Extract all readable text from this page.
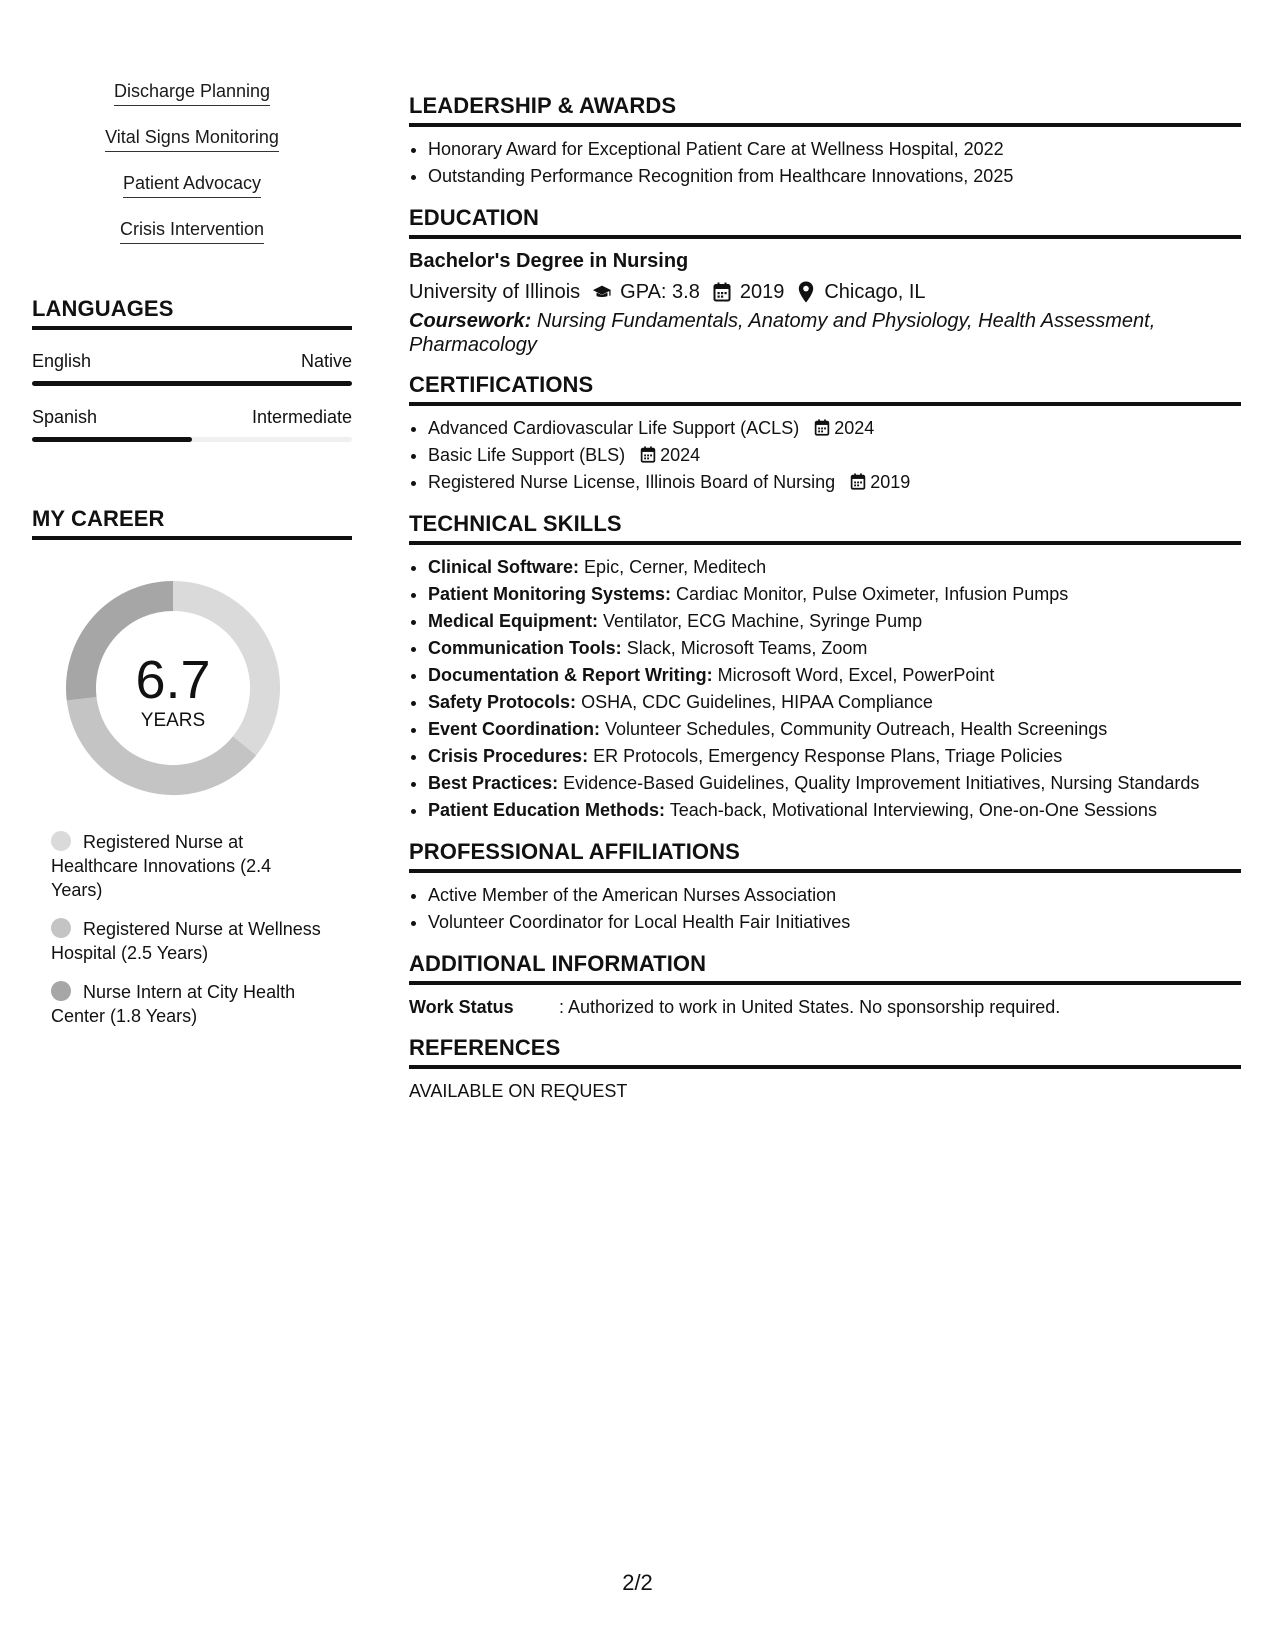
Discharge Planning
Vital Signs Monitoring
Patient Advocacy
Crisis Intervention
LANGUAGES
English	Native
Spanish	Intermediate
MY CAREER
6.7
YEARS
Registered Nurse at Healthcare Innovations (2.4 Years)
Registered Nurse at Wellness Hospital (2.5 Years)
Nurse Intern at City Health Center (1.8 Years)
LEADERSHIP & AWARDS
• Honorary Award for Exceptional Patient Care at Wellness Hospital, 2022
• Outstanding Performance Recognition from Healthcare Innovations, 2025
EDUCATION
Bachelor's Degree in Nursing
University of Illinois GPA: 3.8 2019 Chicago, IL
Coursework: Nursing Fundamentals, Anatomy and Physiology, Health Assessment, Pharmacology
CERTIFICATIONS
• Advanced Cardiovascular Life Support (ACLS) 2024
• Basic Life Support (BLS) 2024
• Registered Nurse License, Illinois Board of Nursing 2019
TECHNICAL SKILLS
• Clinical Software: Epic, Cerner, Meditech
• Patient Monitoring Systems: Cardiac Monitor, Pulse Oximeter, Infusion Pumps
• Medical Equipment: Ventilator, ECG Machine, Syringe Pump
• Communication Tools: Slack, Microsoft Teams, Zoom
• Documentation & Report Writing: Microsoft Word, Excel, PowerPoint
• Safety Protocols: OSHA, CDC Guidelines, HIPAA Compliance
• Event Coordination: Volunteer Schedules, Community Outreach, Health Screenings
• Crisis Procedures: ER Protocols, Emergency Response Plans, Triage Policies
• Best Practices: Evidence-Based Guidelines, Quality Improvement Initiatives, Nursing Standards
• Patient Education Methods: Teach-back, Motivational Interviewing, One-on-One Sessions
PROFESSIONAL AFFILIATIONS
• Active Member of the American Nurses Association
• Volunteer Coordinator for Local Health Fair Initiatives
ADDITIONAL INFORMATION
Work Status	: Authorized to work in United States. No sponsorship required.
REFERENCES
AVAILABLE ON REQUEST
2/2
